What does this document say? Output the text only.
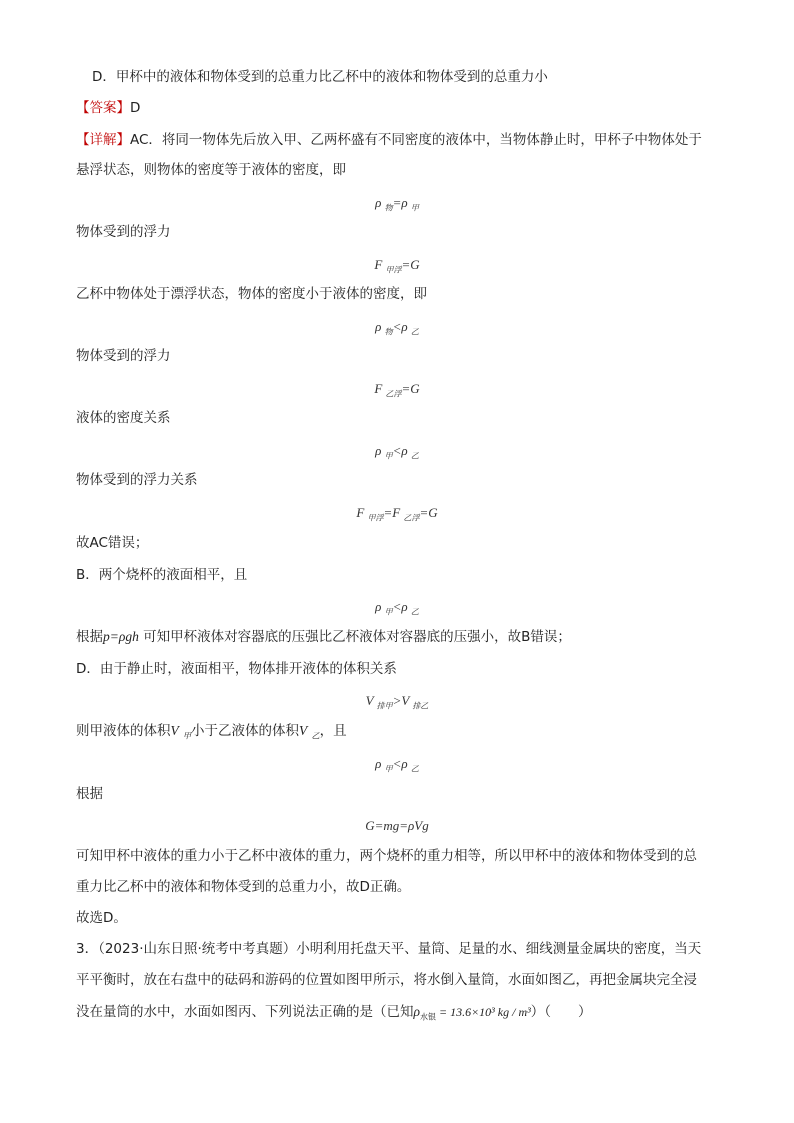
D．甲杯中的液体和物体受到的总重力比乙杯中的液体和物体受到的总重力小
【答案】D
【详解】AC．将同一物体先后放入甲、乙两杯盛有不同密度的液体中，当物体静止时，甲杯子中物体处于
悬浮状态，则物体的密度等于液体的密度，即
ρ $_物$=ρ $_甲$
物体受到的浮力
F $_{甲浮}$=G
乙杯中物体处于漂浮状态，物体的密度小于液体的密度，即
ρ $_物$<ρ $_乙$
物体受到的浮力
F $_{乙浮}$=G
液体的密度关系
ρ $_甲$<ρ $_乙$
物体受到的浮力关系
F $_{甲浮}$=F $_{乙浮}$=G
故AC错误；
B．两个烧杯的液面相平，且
ρ $_甲$<ρ $_乙$
根据p=ρgh 可知甲杯液体对容器底的压强比乙杯液体对容器底的压强小，故B错误；
D．由于静止时，液面相平，物体排开液体的体积关系
V $_{排甲}$>V $_{排乙}$
则甲液体的体积V $_甲$小于乙液体的体积V $_乙$，且
ρ $_甲$<ρ $_乙$
根据
G=mg=ρVg
可知甲杯中液体的重力小于乙杯中液体的重力，两个烧杯的重力相等，所以甲杯中的液体和物体受到的总
重力比乙杯中的液体和物体受到的总重力小，故D正确。
故选D。
3．（2023·山东日照·统考中考真题）小明利用托盘天平、量筒、足量的水、细线测量金属块的密度，当天
平平衡时，放在右盘中的砝码和游码的位置如图甲所示，将水倒入量筒，水面如图乙，再把金属块完全浸
没在量筒的水中，水面如图丙、下列说法正确的是（已知$\rho_{水银} = 13.6\times 10^3$ kg / m³）（　　）
